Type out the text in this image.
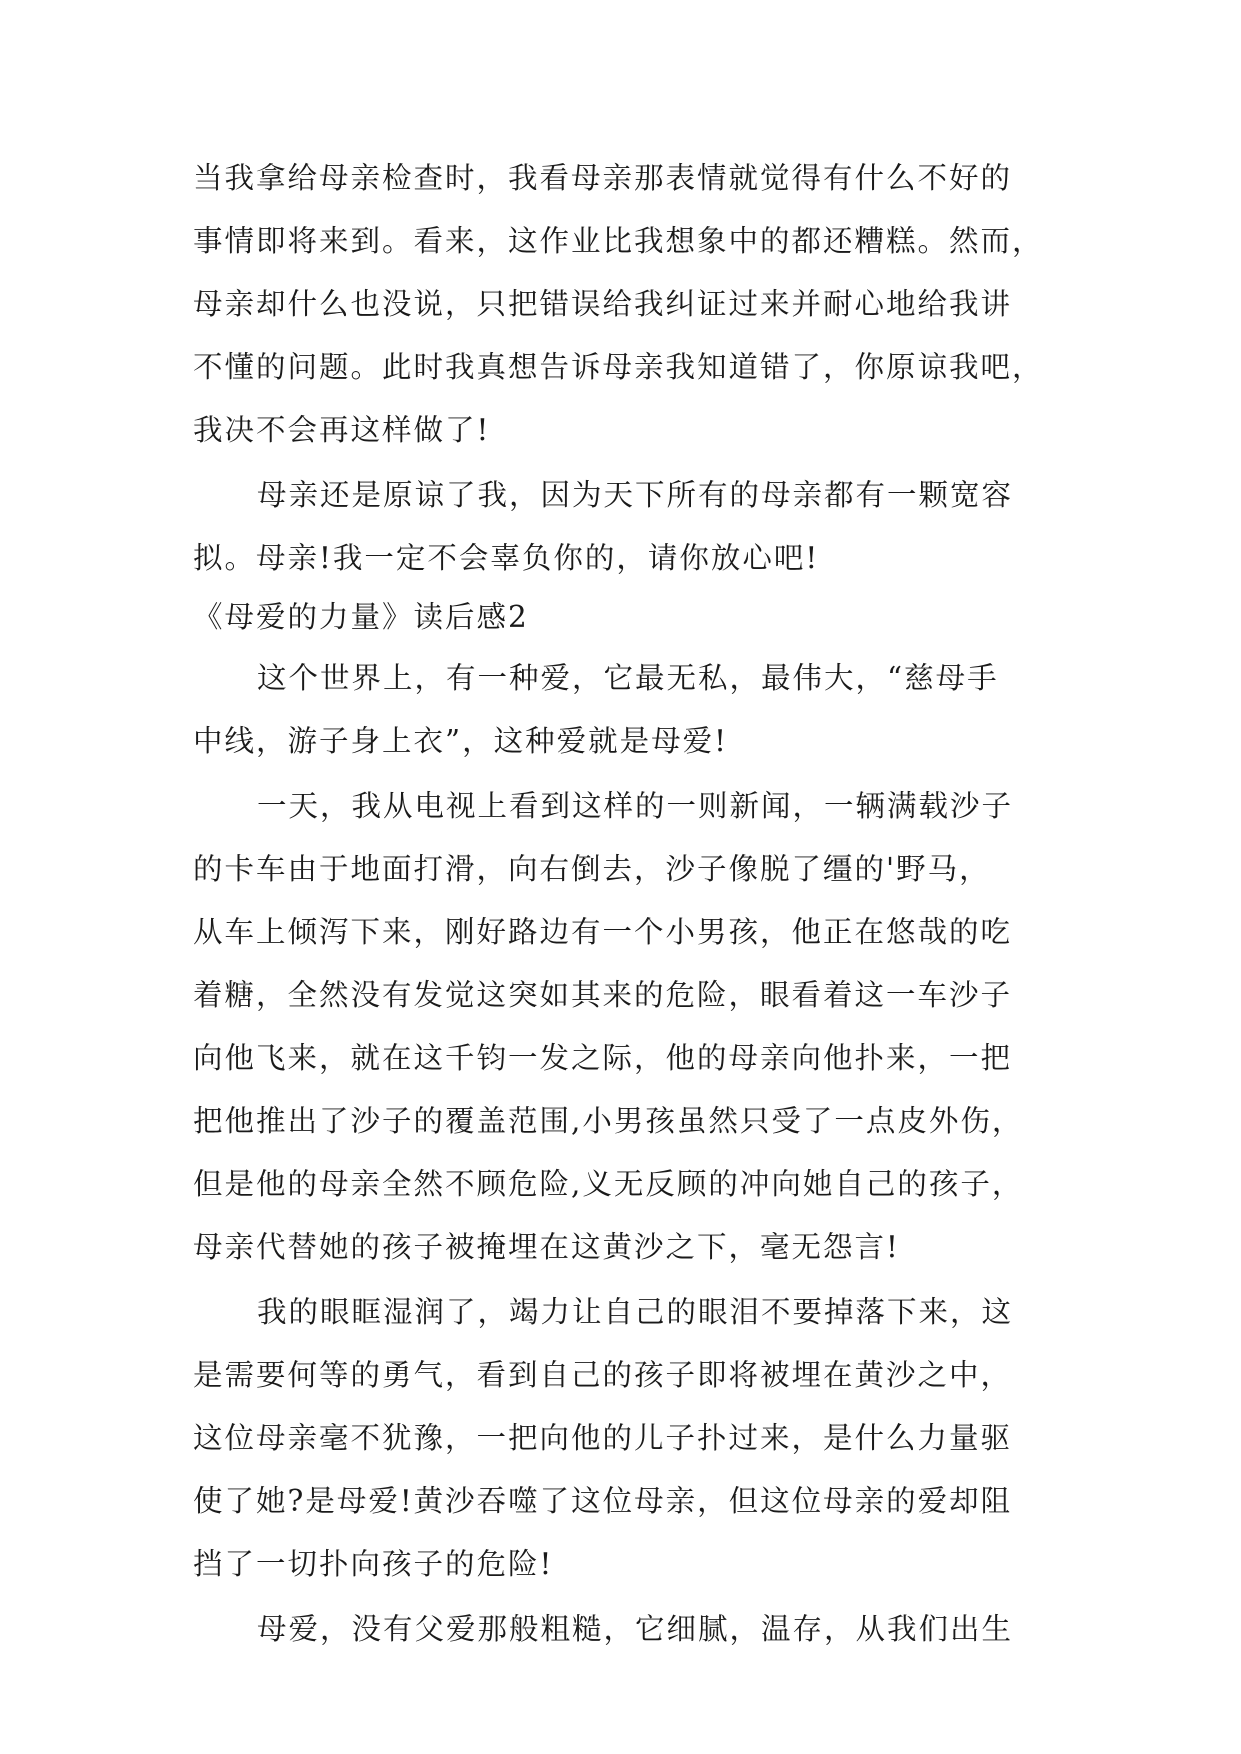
当我拿给母亲检查时，我看母亲那表情就觉得有什么不好的
事情即将来到。看来，这作业比我想象中的都还糟糕。然而，
母亲却什么也没说，只把错误给我纠证过来并耐心地给我讲
不懂的问题。此时我真想告诉母亲我知道错了，你原谅我吧，
我决不会再这样做了!
母亲还是原谅了我，因为天下所有的母亲都有一颗宽容
拟。母亲!我一定不会辜负你的，请你放心吧!
《母爱的力量》读后感2
这个世界上，有一种爱，它最无私，最伟大，“慈母手
中线，游子身上衣”，这种爱就是母爱!
一天，我从电视上看到这样的一则新闻，一辆满载沙子
的卡车由于地面打滑，向右倒去，沙子像脱了缰的'野马，
从车上倾泻下来，刚好路边有一个小男孩，他正在悠哉的吃
着糖，全然没有发觉这突如其来的危险，眼看着这一车沙子
向他飞来，就在这千钧一发之际，他的母亲向他扑来，一把
把他推出了沙子的覆盖范围,小男孩虽然只受了一点皮外伤，
但是他的母亲全然不顾危险,义无反顾的冲向她自己的孩子，
母亲代替她的孩子被掩埋在这黄沙之下，毫无怨言!
我的眼眶湿润了，竭力让自己的眼泪不要掉落下来，这
是需要何等的勇气，看到自己的孩子即将被埋在黄沙之中，
这位母亲毫不犹豫，一把向他的儿子扑过来，是什么力量驱
使了她?是母爱!黄沙吞噬了这位母亲，但这位母亲的爱却阻
挡了一切扑向孩子的危险!
母爱，没有父爱那般粗糙，它细腻，温存，从我们出生
